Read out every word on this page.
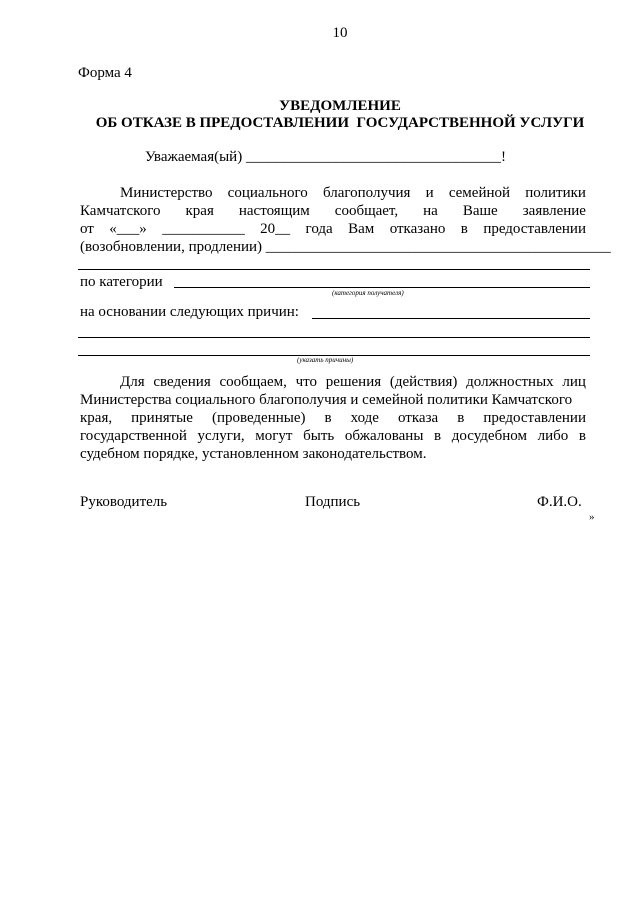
10
Форма 4
УВЕДОМЛЕНИЕ
ОБ ОТКАЗЕ В ПРЕДОСТАВЛЕНИИ  ГОСУДАРСТВЕННОЙ УСЛУГИ
Уважаемая(ый) __________________________________!
Министерство социального благополучия и семейной политики
Камчатского края настоящим сообщает, на Ваше заявление
от «___» ___________ 20__ года Вам отказано в предоставлении
(возобновлении, продлении) ______________________________________________
по категории
(категория получателя)
на основании следующих причин:
(указать причины)
Для сведения сообщаем, что решения (действия) должностных лиц
Министерства социального благополучия и семейной политики Камчатского
края, принятые (проведенные) в ходе отказа в предоставлении
государственной услуги, могут быть обжалованы в досудебном либо в
судебном порядке, установленном законодательством.
Руководитель	Подпись	Ф.И.О.
»
